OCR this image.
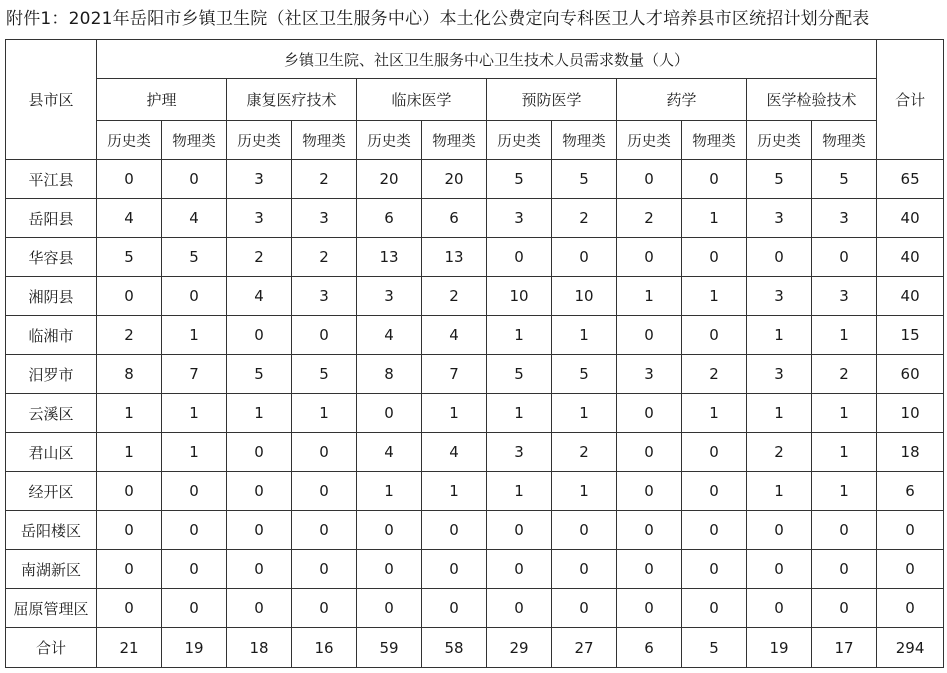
附件1：2021年岳阳市乡镇卫生院（社区卫生服务中心）本土化公费定向专科医卫人才培养县市区统招计划分配表
县市区	乡镇卫生院、社区卫生服务中心卫生技术人员需求数量（人）												合计
	护理		康复医疗技术		临床医学		预防医学		药学		医学检验技术		
	历史类	物理类	历史类	物理类	历史类	物理类	历史类	物理类	历史类	物理类	历史类	物理类	
平江县	0	0	3	2	20	20	5	5	0	0	5	5	65
岳阳县	4	4	3	3	6	6	3	2	2	1	3	3	40
华容县	5	5	2	2	13	13	0	0	0	0	0	0	40
湘阴县	0	0	4	3	3	2	10	10	1	1	3	3	40
临湘市	2	1	0	0	4	4	1	1	0	0	1	1	15
汨罗市	8	7	5	5	8	7	5	5	3	2	3	2	60
云溪区	1	1	1	1	0	1	1	1	0	1	1	1	10
君山区	1	1	0	0	4	4	3	2	0	0	2	1	18
经开区	0	0	0	0	1	1	1	1	0	0	1	1	6
岳阳楼区	0	0	0	0	0	0	0	0	0	0	0	0	0
南湖新区	0	0	0	0	0	0	0	0	0	0	0	0	0
屈原管理区	0	0	0	0	0	0	0	0	0	0	0	0	0
合计	21	19	18	16	59	58	29	27	6	5	19	17	294
